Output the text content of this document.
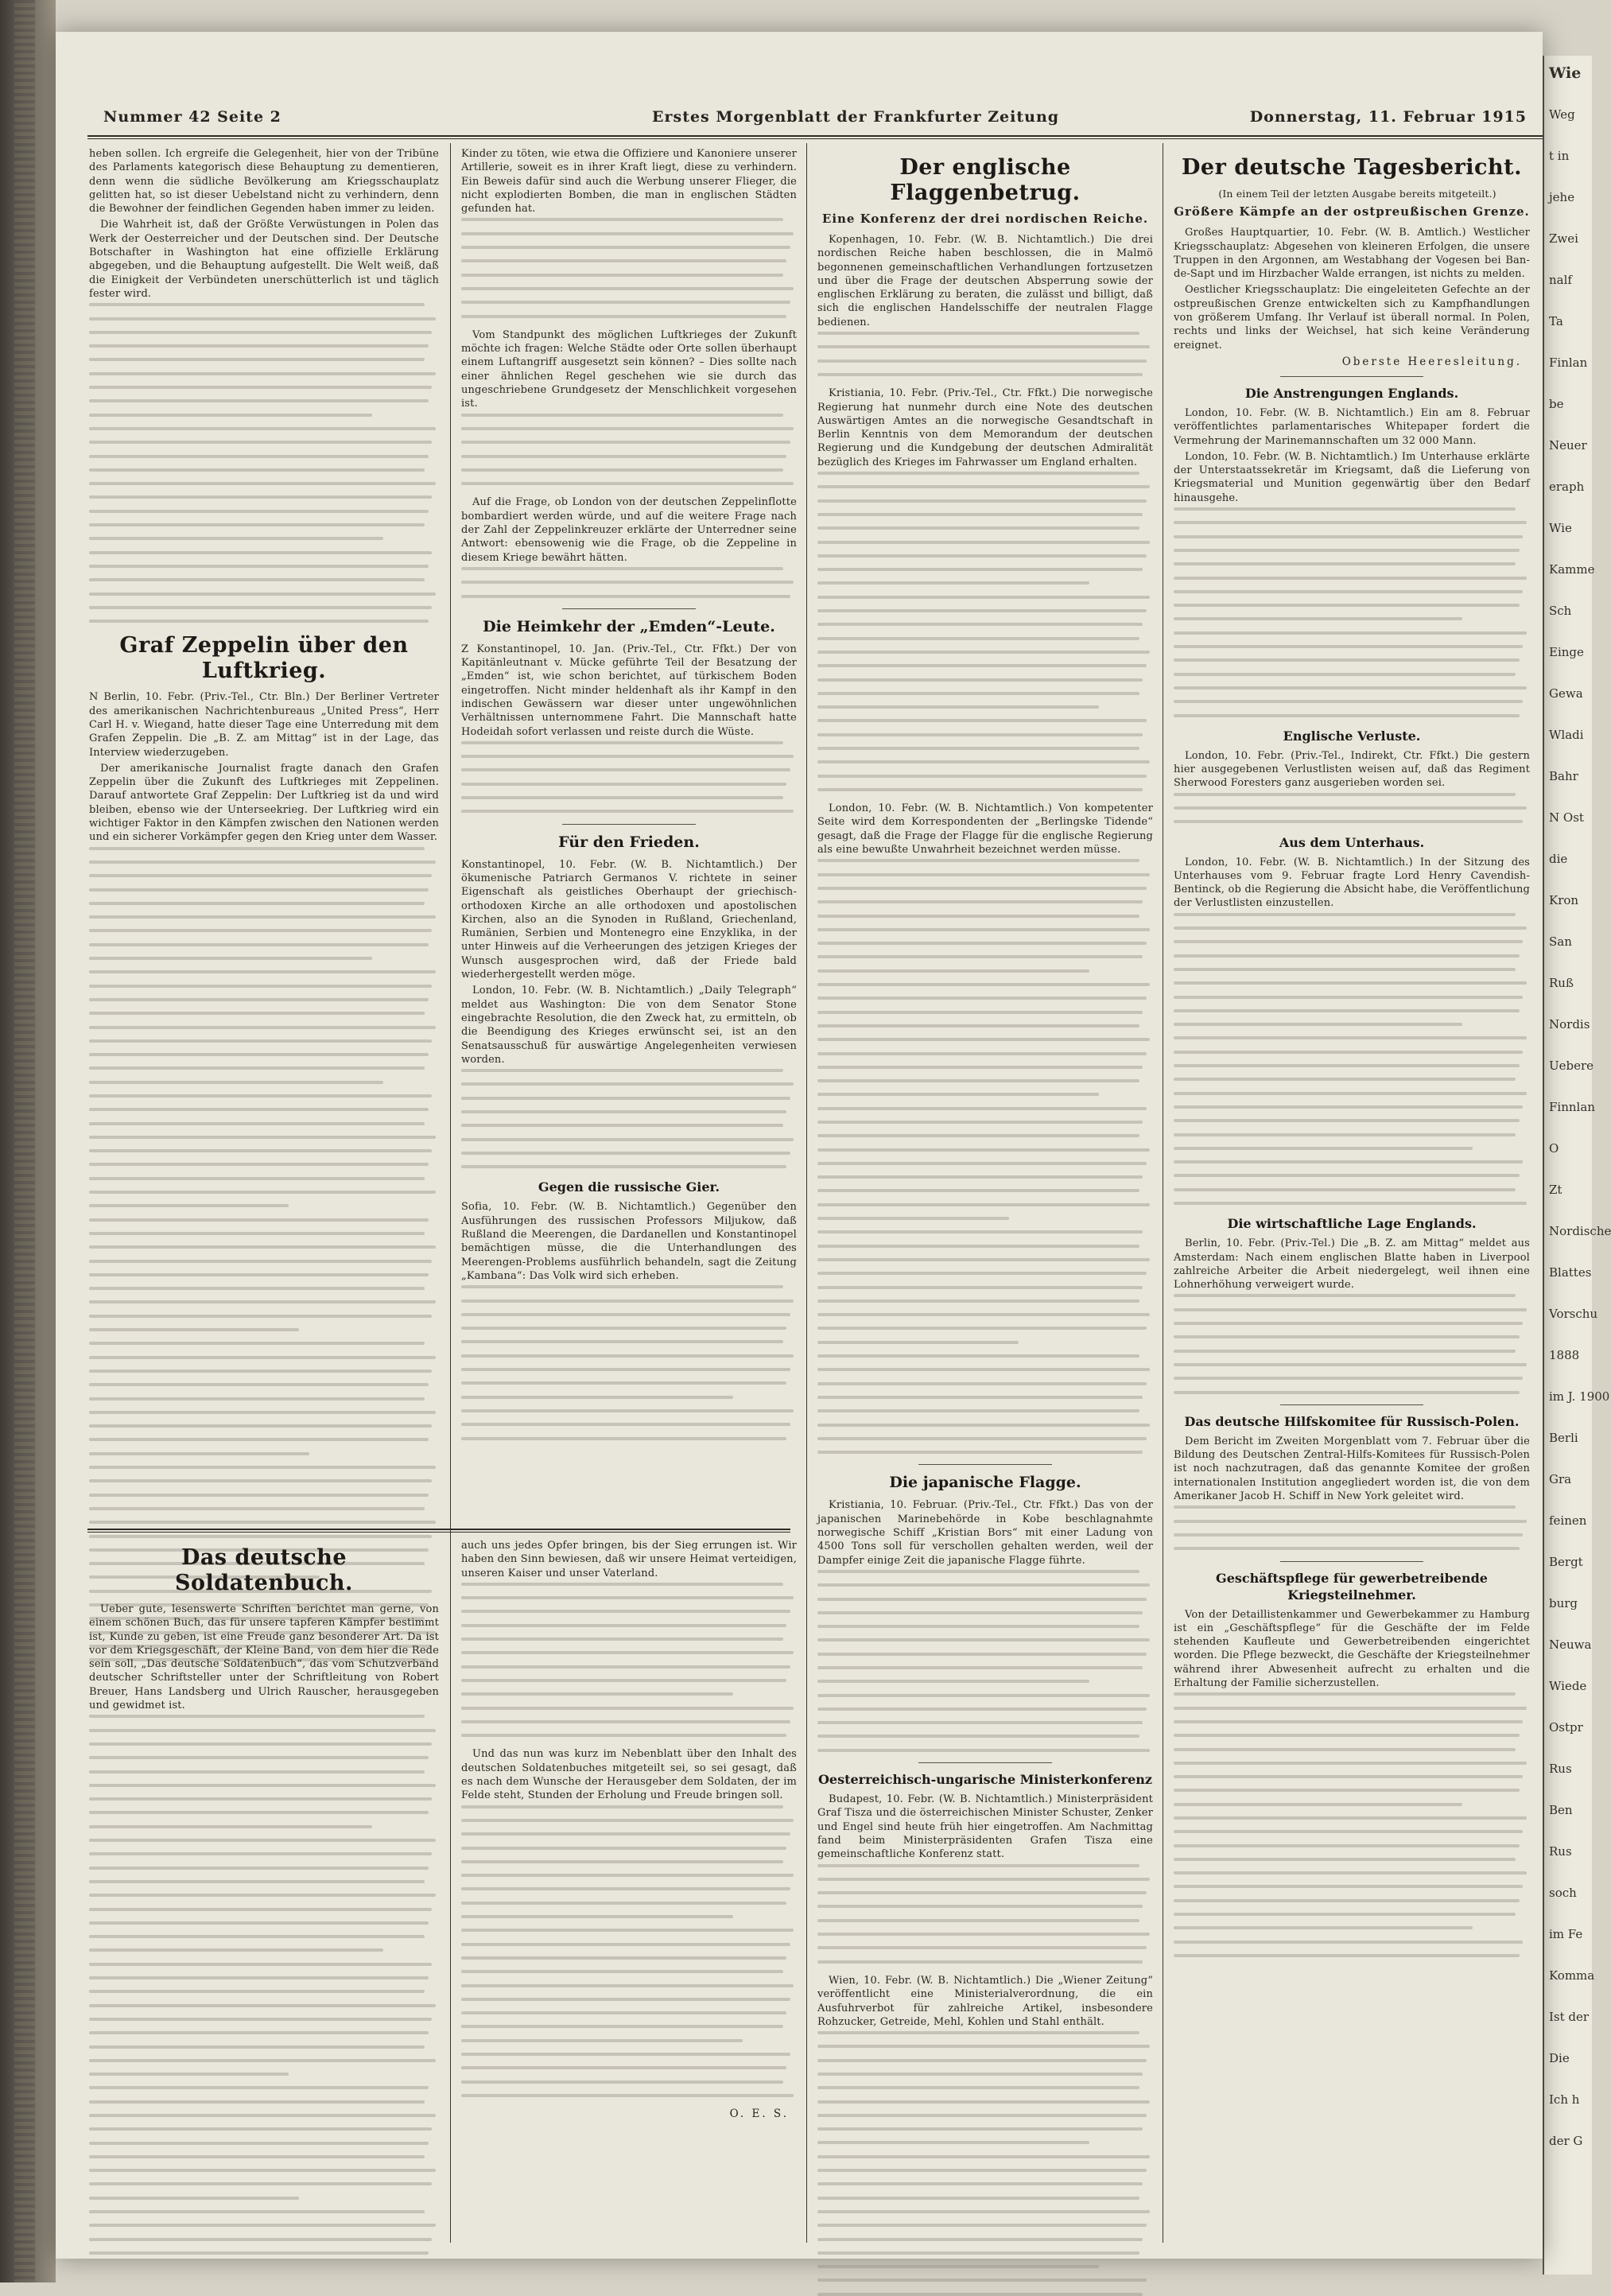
Wie
Weg
t in
jehe
Zwei
nalf
Ta
Finlan
be
Neuer
eraph
Wie
Kamme
Sch
Einge
Gewa
Wladi
Bahr
N Ost
die
Kron
San
Ruß
Nordis
Uebere
Finnlan
O
Zt
Nordische
Blattes
Vorschu
1888
im J. 1900
Berli
Gra
feinen
Bergt
burg
Neuwa
Wiede
Ostpr
Rus
Ben
Rus
soch
im Fe
Komma
Ist der
Die
Ich h
der G
Nummer 42 Seite 2	Erstes Morgenblatt der Frankfurter Zeitung	Donnerstag, 11. Februar 1915

heben sollen. Ich ergreife die Gelegenheit, hier von der Tribüne des Parlaments kategorisch diese Behauptung zu dementieren, denn wenn die südliche Bevölkerung am Kriegsschauplatz gelitten hat, so ist dieser Uebelstand nicht zu verhindern, denn die Bewohner der feindlichen Gegenden haben immer zu leiden.

Die Wahrheit ist, daß der Größte Verwüstungen in Polen das Werk der Oesterreicher und der Deutschen sind. Der Deutsche Botschafter in Washington hat eine offizielle Erklärung abgegeben, und die Behauptung aufgestellt. Die Welt weiß, daß die Einigkeit der Verbündeten unerschütterlich ist und täglich fester wird.

Graf Zeppelin über den Luftkrieg.

N Berlin, 10. Febr. (Priv.-Tel., Ctr. Bln.) Der Berliner Vertreter des amerikanischen Nachrichtenbureaus „United Press“, Herr Carl H. v. Wiegand, hatte dieser Tage eine Unterredung mit dem Grafen Zeppelin. Die „B. Z. am Mittag“ ist in der Lage, das Interview wiederzugeben.

Der amerikanische Journalist fragte danach den Grafen Zeppelin über die Zukunft des Luftkrieges mit Zeppelinen. Darauf antwortete Graf Zeppelin: Der Luftkrieg ist da und wird bleiben, ebenso wie der Unterseekrieg. Der Luftkrieg wird ein wichtiger Faktor in den Kämpfen zwischen den Nationen werden und ein sicherer Vorkämpfer gegen den Krieg unter dem Wasser.

Kinder zu töten, wie etwa die Offiziere und Kanoniere unserer Artillerie, soweit es in ihrer Kraft liegt, diese zu verhindern. Ein Beweis dafür sind auch die Werbung unserer Flieger, die nicht explodierten Bomben, die man in englischen Städten gefunden hat.

Vom Standpunkt des möglichen Luftkrieges der Zukunft möchte ich fragen: Welche Städte oder Orte sollen überhaupt einem Luftangriff ausgesetzt sein können? – Dies sollte nach einer ähnlichen Regel geschehen wie sie durch das ungeschriebene Grundgesetz der Menschlichkeit vorgesehen ist.

Auf die Frage, ob London von der deutschen Zeppelinflotte bombardiert werden würde, und auf die weitere Frage nach der Zahl der Zeppelinkreuzer erklärte der Unterredner seine Antwort: ebensowenig wie die Frage, ob die Zeppeline in diesem Kriege bewährt hätten.

Die Heimkehr der „Emden“-Leute.

Z Konstantinopel, 10. Jan. (Priv.-Tel., Ctr. Ffkt.) Der von Kapitänleutnant v. Mücke geführte Teil der Besatzung der „Emden“ ist, wie schon berichtet, auf türkischem Boden eingetroffen. Nicht minder heldenhaft als ihr Kampf in den indischen Gewässern war dieser unter ungewöhnlichen Verhältnissen unternommene Fahrt. Die Mannschaft hatte Hodeidah sofort verlassen und reiste durch die Wüste.

Für den Frieden.

Konstantinopel, 10. Febr. (W. B. Nichtamtlich.) Der ökumenische Patriarch Germanos V. richtete in seiner Eigenschaft als geistliches Oberhaupt der griechisch-orthodoxen Kirche an alle orthodoxen und apostolischen Kirchen, also an die Synoden in Rußland, Griechenland, Rumänien, Serbien und Montenegro eine Enzyklika, in der unter Hinweis auf die Verheerungen des jetzigen Krieges der Wunsch ausgesprochen wird, daß der Friede bald wiederhergestellt werden möge.

London, 10. Febr. (W. B. Nichtamtlich.) „Daily Telegraph“ meldet aus Washington: Die von dem Senator Stone eingebrachte Resolution, die den Zweck hat, zu ermitteln, ob die Beendigung des Krieges erwünscht sei, ist an den Senatsausschuß für auswärtige Angelegenheiten verwiesen worden.

Gegen die russische Gier.

Sofia, 10. Febr. (W. B. Nichtamtlich.) Gegenüber den Ausführungen des russischen Professors Miljukow, daß Rußland die Meerengen, die Dardanellen und Konstantinopel bemächtigen müsse, die die Unterhandlungen des Meerengen-Problems ausführlich behandeln, sagt die Zeitung „Kambana“: Das Volk wird sich erheben.

Das deutsche Soldatenbuch.

Ueber gute, lesenswerte Schriften berichtet man gerne, von einem schönen Buch, das für unsere tapferen Kämpfer bestimmt ist, Kunde zu geben, ist eine Freude ganz besonderer Art. Da ist vor dem Kriegsgeschäft, der Kleine Band, von dem hier die Rede sein soll, „Das deutsche Soldatenbuch“, das vom Schutzverband deutscher Schriftsteller unter der Schriftleitung von Robert Breuer, Hans Landsberg und Ulrich Rauscher, herausgegeben und gewidmet ist.

auch uns jedes Opfer bringen, bis der Sieg errungen ist. Wir haben den Sinn bewiesen, daß wir unsere Heimat verteidigen, unseren Kaiser und unser Vaterland.

Und das nun was kurz im Nebenblatt über den Inhalt des deutschen Soldatenbuches mitgeteilt sei, so sei gesagt, daß es nach dem Wunsche der Herausgeber dem Soldaten, der im Felde steht, Stunden der Erholung und Freude bringen soll.

O. E. S.
Der englische Flaggenbetrug.
Eine Konferenz der drei nordischen Reiche.

Kopenhagen, 10. Febr. (W. B. Nichtamtlich.) Die drei nordischen Reiche haben beschlossen, die in Malmö begonnenen gemeinschaftlichen Verhandlungen fortzusetzen und über die Frage der deutschen Absperrung sowie der englischen Erklärung zu beraten, die zulässt und billigt, daß sich die englischen Handelsschiffe der neutralen Flagge bedienen.

Kristiania, 10. Febr. (Priv.-Tel., Ctr. Ffkt.) Die norwegische Regierung hat nunmehr durch eine Note des deutschen Auswärtigen Amtes an die norwegische Gesandtschaft in Berlin Kenntnis von dem Memorandum der deutschen Regierung und die Kundgebung der deutschen Admiralität bezüglich des Krieges im Fahrwasser um England erhalten.

London, 10. Febr. (W. B. Nichtamtlich.) Von kompetenter Seite wird dem Korrespondenten der „Berlingske Tidende“ gesagt, daß die Frage der Flagge für die englische Regierung als eine bewußte Unwahrheit bezeichnet werden müsse.

Die japanische Flagge.

Kristiania, 10. Februar. (Priv.-Tel., Ctr. Ffkt.) Das von der japanischen Marinebehörde in Kobe beschlagnahmte norwegische Schiff „Kristian Bors“ mit einer Ladung von 4500 Tons soll für verschollen gehalten werden, weil der Dampfer einige Zeit die japanische Flagge führte.

Oesterreichisch-ungarische Ministerkonferenz

Budapest, 10. Febr. (W. B. Nichtamtlich.) Ministerpräsident Graf Tisza und die österreichischen Minister Schuster, Zenker und Engel sind heute früh hier eingetroffen. Am Nachmittag fand beim Ministerpräsidenten Grafen Tisza eine gemeinschaftliche Konferenz statt.

Wien, 10. Febr. (W. B. Nichtamtlich.) Die „Wiener Zeitung“ veröffentlicht eine Ministerialverordnung, die ein Ausfuhrverbot für zahlreiche Artikel, insbesondere Rohzucker, Getreide, Mehl, Kohlen und Stahl enthält.

Der deutsche Tagesbericht.

(In einem Teil der letzten Ausgabe bereits mitgeteilt.)

Größere Kämpfe an der ostpreußischen Grenze.

Großes Hauptquartier, 10. Febr. (W. B. Amtlich.) Westlicher Kriegsschauplatz: Abgesehen von kleineren Erfolgen, die unsere Truppen in den Argonnen, am Westabhang der Vogesen bei Ban-de-Sapt und im Hirzbacher Walde errangen, ist nichts zu melden.

Oestlicher Kriegsschauplatz: Die eingeleiteten Gefechte an der ostpreußischen Grenze entwickelten sich zu Kampfhandlungen von größerem Umfang. Ihr Verlauf ist überall normal. In Polen, rechts und links der Weichsel, hat sich keine Veränderung ereignet.

Oberste Heeresleitung.
Die Anstrengungen Englands.

London, 10. Febr. (W. B. Nichtamtlich.) Ein am 8. Februar veröffentlichtes parlamentarisches Whitepaper fordert die Vermehrung der Marinemannschaften um 32 000 Mann.

London, 10. Febr. (W. B. Nichtamtlich.) Im Unterhause erklärte der Unterstaatssekretär im Kriegsamt, daß die Lieferung von Kriegsmaterial und Munition gegenwärtig über den Bedarf hinausgehe.

Englische Verluste.

London, 10. Febr. (Priv.-Tel., Indirekt, Ctr. Ffkt.) Die gestern hier ausgegebenen Verlustlisten weisen auf, daß das Regiment Sherwood Foresters ganz ausgerieben worden sei.

Aus dem Unterhaus.

London, 10. Febr. (W. B. Nichtamtlich.) In der Sitzung des Unterhauses vom 9. Februar fragte Lord Henry Cavendish-Bentinck, ob die Regierung die Absicht habe, die Veröffentlichung der Verlustlisten einzustellen.

Die wirtschaftliche Lage Englands.

Berlin, 10. Febr. (Priv.-Tel.) Die „B. Z. am Mittag“ meldet aus Amsterdam: Nach einem englischen Blatte haben in Liverpool zahlreiche Arbeiter die Arbeit niedergelegt, weil ihnen eine Lohnerhöhung verweigert wurde.

Das deutsche Hilfskomitee für Russisch-Polen.

Dem Bericht im Zweiten Morgenblatt vom 7. Februar über die Bildung des Deutschen Zentral-Hilfs-Komitees für Russisch-Polen ist noch nachzutragen, daß das genannte Komitee der großen internationalen Institution angegliedert worden ist, die von dem Amerikaner Jacob H. Schiff in New York geleitet wird.

Geschäftspflege für gewerbetreibende Kriegsteilnehmer.

Von der Detaillistenkammer und Gewerbekammer zu Hamburg ist ein „Geschäftspflege“ für die Geschäfte der im Felde stehenden Kaufleute und Gewerbetreibenden eingerichtet worden. Die Pflege bezweckt, die Geschäfte der Kriegsteilnehmer während ihrer Abwesenheit aufrecht zu erhalten und die Erhaltung der Familie sicherzustellen.
